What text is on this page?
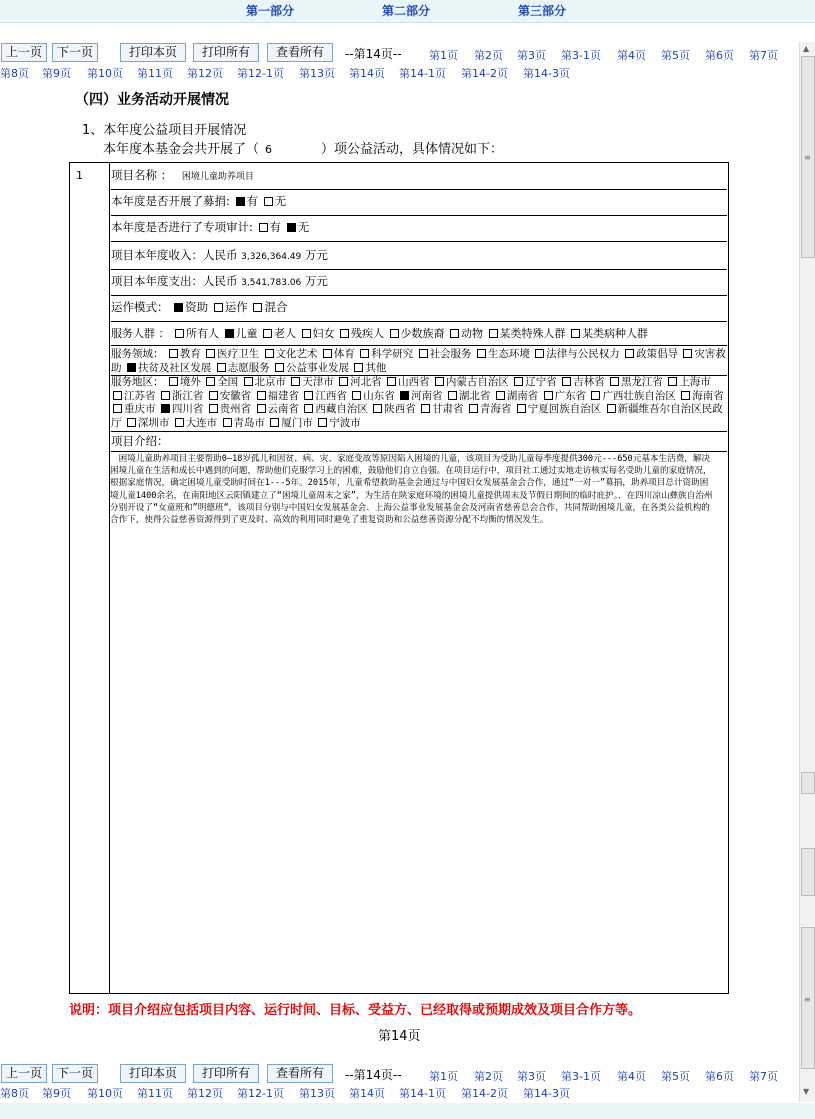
第一部分	第二部分	第三部分
上一页	下一页	打印本页	打印所有	查看所有	--第14页-- 第1页 第2页 第3页 第3-1页 第4页 第5页 第6页 第7页
第8页 第9页 第10页 第11页 第12页 第12-1页 第13页 第14页 第14-1页 第14-2页 第14-3页
▲
≡
≡
▼
（四）业务活动开展情况
1、本年度公益项目开展情况
本年度本基金会共开展了（ 6	）项公益活动，具体情况如下：
1 项目名称 ： 困境儿童助养项目
本年度是否开展了募捐: 有 无
本年度是否进行了专项审计: 有 无
项目本年度收入：人民币 3,326,364.49 万元
项目本年度支出：人民币 3,541,783.06 万元
运作模式： 资助 运作 混合
服务人群 ： 所有人 儿童 老人 妇女 残疾人 少数族裔 动物 某类特殊人群 某类病种人群
服务领域： 教育 医疗卫生 文化艺术 体育 科学研究 社会服务 生态环境 法律与公民权力 政策倡导 灾害救助 扶贫及社区发展 志愿服务 公益事业发展 其他
服务地区： 境外 全国 北京市 天津市 河北省 山西省 内蒙古自治区 辽宁省 吉林省 黑龙江省 上海市 江苏省 浙江省 安徽省 福建省 江西省 山东省 河南省 湖北省 湖南省 广东省 广西壮族自治区 海南省 重庆市 四川省 贵州省 云南省 西藏自治区 陕西省 甘肃省 青海省 宁夏回族自治区 新疆维吾尔自治区民政厅 深圳市 大连市 青岛市 厦门市 宁波市
项目介绍：
　困境儿童助养项目主要帮助0—18岁孤儿和因贫、病、灾、家庭变故等原因陷入困境的儿童，该项目为受助儿童每季度提供300元---650元基本生活费，解决困境儿童在生活和成长中遇到的问题，帮助他们克服学习上的困难，鼓励他们自立自强。在项目运行中，项目社工通过实地走访核实每名受助儿童的家庭情况，根据家庭情况，确定困境儿童受助时间在1---5年。2015年，儿童希望救助基金会通过与中国妇女发展基金会合作，通过“一对一”募捐，助养项目总计资助困境儿童1400余名，在南阳地区云阳镇建立了“困境儿童周末之家”，为生活在陕家庭环境的困境儿童提供周末及节假日期间的临时庇护。．在四川凉山彝族自治州分别开设了“女童班和”明德班“，该项目分别与中国妇女发展基金会、上海公益事业发展基金会及河南省慈善总会合作，共同帮助困境儿童，在各类公益机构的合作下，使得公益慈善资源得到了更及时、高效的利用同时避免了重复资助和公益慈善资源分配不均衡的情况发生。
说明：项目介绍应包括项目内容、运行时间、目标、受益方、已经取得或预期成效及项目合作方等。
第14页
上一页	下一页	打印本页	打印所有	查看所有	--第14页-- 第1页 第2页 第3页 第3-1页 第4页 第5页 第6页 第7页
第8页 第9页 第10页 第11页 第12页 第12-1页 第13页 第14页 第14-1页 第14-2页 第14-3页
